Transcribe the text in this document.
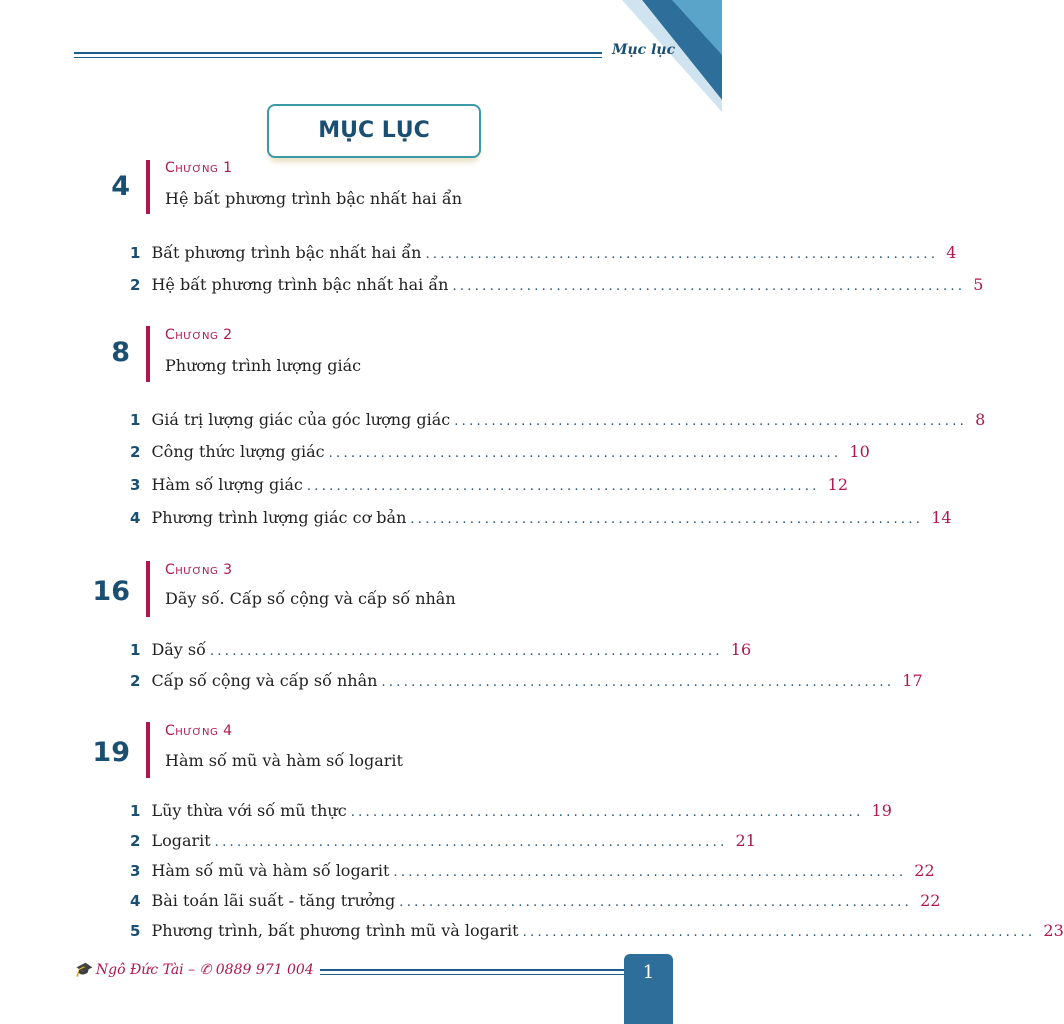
Mục lục
MỤC LỤC
4
Chương 1
Hệ bất phương trình bậc nhất hai ẩn
1 Bất phương trình bậc nhất hai ẩn ..................................................................... 4
2 Hệ bất phương trình bậc nhất hai ẩn ..................................................................... 5
8
Chương 2
Phương trình lượng giác
1 Giá trị lượng giác của góc lượng giác ..................................................................... 8
2 Công thức lượng giác ..................................................................... 10
3 Hàm số lượng giác ..................................................................... 12
4 Phương trình lượng giác cơ bản ..................................................................... 14
16
Chương 3
Dãy số. Cấp số cộng và cấp số nhân
1 Dãy số ..................................................................... 16
2 Cấp số cộng và cấp số nhân ..................................................................... 17
19
Chương 4
Hàm số mũ và hàm số logarit
1 Lũy thừa với số mũ thực ..................................................................... 19
2 Logarit ..................................................................... 21
3 Hàm số mũ và hàm số logarit ..................................................................... 22
4 Bài toán lãi suất - tăng trưởng ..................................................................... 22
5 Phương trình, bất phương trình mũ và logarit ..................................................................... 23
🎓 Ngô Đức Tài – ✆ 0889 971 004	1
